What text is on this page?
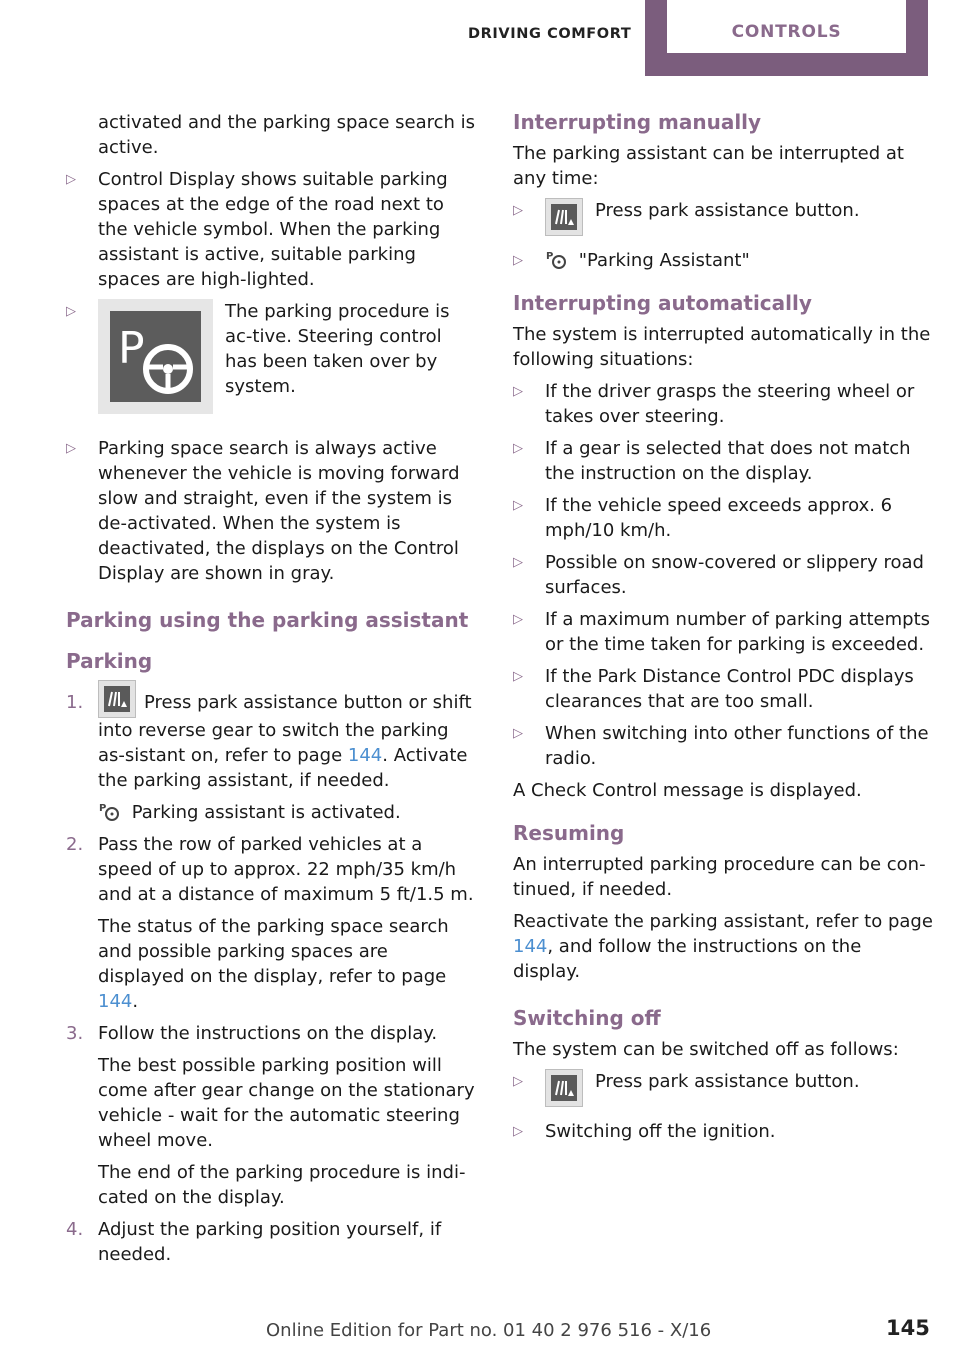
DRIVING COMFORT	CONTROLS

activated and the parking space search is active.

▷	Control Display shows suitable parking spaces at the edge of the road next to the vehicle symbol. When the parking assistant is active, suitable parking spaces are high-lighted.
▷
P
The parking procedure is ac-tive. Steering control has been taken over by system.
▷	Parking space search is always active whenever the vehicle is moving forward slow and straight, even if the system is de-activated. When the system is deactivated, the displays on the Control Display are shown in gray.
Parking using the parking assistant
Parking
1.	Press park assistance button or shift into reverse gear to switch the parking as-sistant on, refer to page 144. Activate the parking assistant, if needed.

P Parking assistant is activated.

2. Pass the row of parked vehicles at a speed of up to approx. 22 mph/35 km/h and at a distance of maximum 5 ft/1.5 m.

The status of the parking space search and possible parking spaces are displayed on the display, refer to page 144.

3. Follow the instructions on the display.

The best possible parking position will come after gear change on the stationary vehicle - wait for the automatic steering wheel move.

The end of the parking procedure is indi-cated on the display.

4. Adjust the parking position yourself, if needed.
Interrupting manually

The parking assistant can be interrupted at any time:

▷	Press park assistance button.
▷	P "Parking Assistant"
Interrupting automatically

The system is interrupted automatically in the following situations:

▷	If the driver grasps the steering wheel or takes over steering.
▷	If a gear is selected that does not match the instruction on the display.
▷	If the vehicle speed exceeds approx. 6 mph/10 km/h.
▷	Possible on snow-covered or slippery road surfaces.
▷	If a maximum number of parking attempts or the time taken for parking is exceeded.
▷	If the Park Distance Control PDC displays clearances that are too small.
▷	When switching into other functions of the radio.

A Check Control message is displayed.

Resuming

An interrupted parking procedure can be con-tinued, if needed.

Reactivate the parking assistant, refer to page 144, and follow the instructions on the display.

Switching off

The system can be switched off as follows:

▷	Press park assistance button.
▷	Switching off the ignition.
Online Edition for Part no. 01 40 2 976 516 - X/16	145
